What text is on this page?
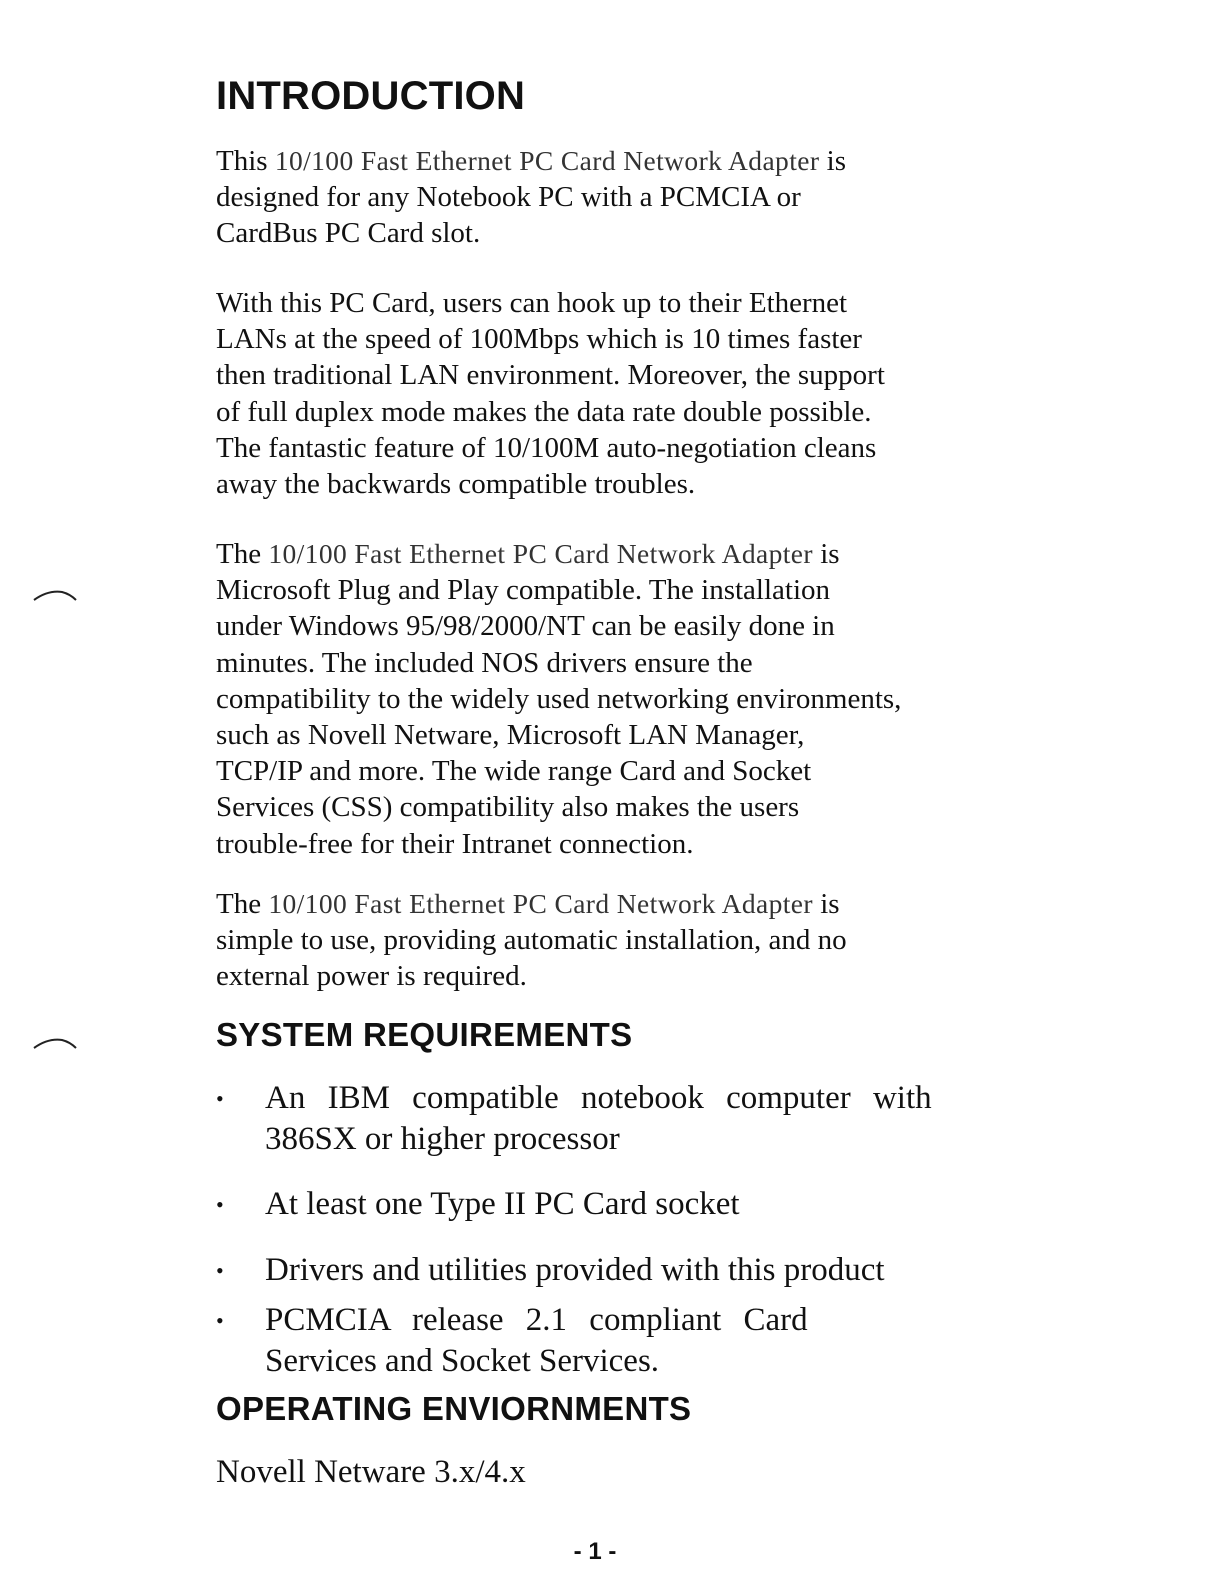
INTRODUCTION

This 10/100 Fast Ethernet PC Card Network Adapter is
designed for any Notebook PC with a PCMCIA or
CardBus PC Card slot.

With this PC Card, users can hook up to their Ethernet
LANs at the speed of 100Mbps which is 10 times faster
then traditional LAN environment. Moreover, the support
of full duplex mode makes the data rate double possible.
The fantastic feature of 10/100M auto-negotiation cleans
away the backwards compatible troubles.

The 10/100 Fast Ethernet PC Card Network Adapter is
Microsoft Plug and Play compatible. The installation
under Windows 95/98/2000/NT can be easily done in
minutes. The included NOS drivers ensure the
compatibility to the widely used networking environments,
such as Novell Netware, Microsoft LAN Manager,
TCP/IP and more. The wide range Card and Socket
Services (CSS) compatibility also makes the users
trouble-free for their Intranet connection.

The 10/100 Fast Ethernet PC Card Network Adapter is
simple to use, providing automatic installation, and no
external power is required.

SYSTEM REQUIREMENTS
•	An IBM compatible notebook computer with
386SX or higher processor
•	At least one Type II PC Card socket
•	Drivers and utilities provided with this product
•	PCMCIA release 2.1 compliant Card
Services and Socket Services.
OPERATING ENVIORNMENTS

Novell Netware 3.x/4.x

- 1 -
